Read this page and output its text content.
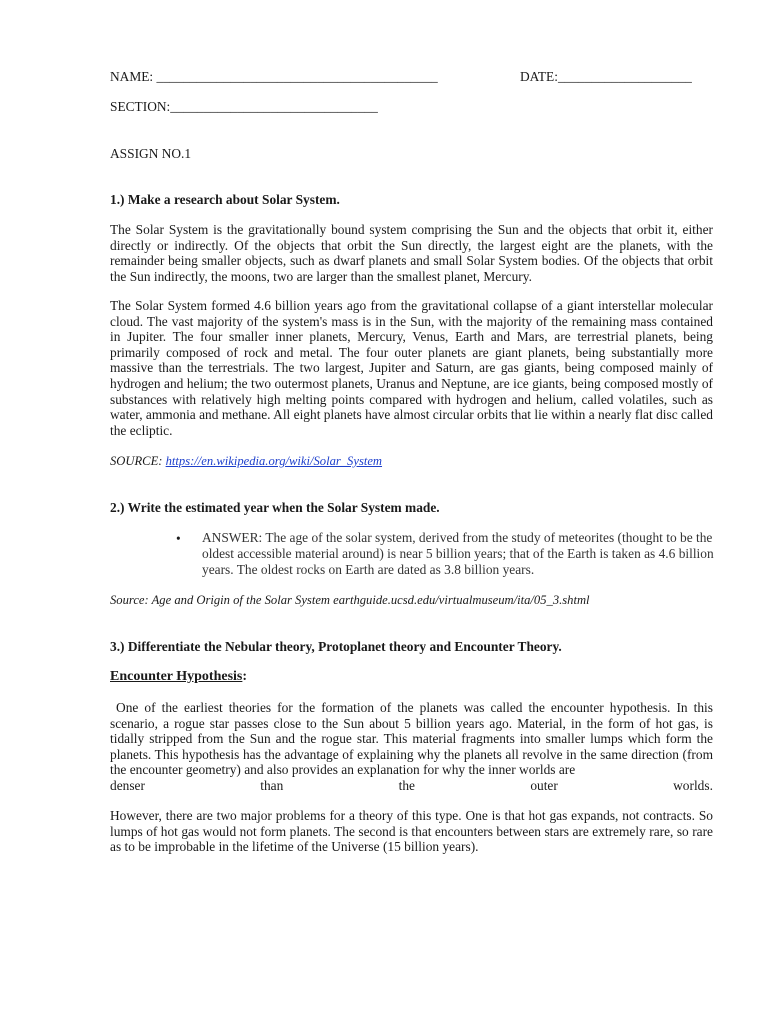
NAME: __________________________________________	DATE:____________________
SECTION:_______________________________
ASSIGN NO.1
1.) Make a research about Solar System.
The Solar System is the gravitationally bound system comprising the Sun and the objects that orbit it, either directly or indirectly. Of the objects that orbit the Sun directly, the largest eight are the planets, with the remainder being smaller objects, such as dwarf planets and small Solar System bodies. Of the objects that orbit the Sun indirectly, the moons, two are larger than the smallest planet, Mercury.
The Solar System formed 4.6 billion years ago from the gravitational collapse of a giant interstellar molecular cloud. The vast majority of the system's mass is in the Sun, with the majority of the remaining mass contained in Jupiter. The four smaller inner planets, Mercury, Venus, Earth and Mars, are terrestrial planets, being primarily composed of rock and metal. The four outer planets are giant planets, being substantially more massive than the terrestrials. The two largest, Jupiter and Saturn, are gas giants, being composed mainly of hydrogen and helium; the two outermost planets, Uranus and Neptune, are ice giants, being composed mostly of substances with relatively high melting points compared with hydrogen and helium, called volatiles, such as water, ammonia and methane. All eight planets have almost circular orbits that lie within a nearly flat disc called the ecliptic.
SOURCE: https://en.wikipedia.org/wiki/Solar_System
2.) Write the estimated year when the Solar System made.
• ANSWER: The age of the solar system, derived from the study of meteorites (thought to be the oldest accessible material around) is near 5 billion years; that of the Earth is taken as 4.6 billion years. The oldest rocks on Earth are dated as 3.8 billion years.
Source: Age and Origin of the Solar System earthguide.ucsd.edu/virtualmuseum/ita/05_3.shtml
3.) Differentiate the Nebular theory, Protoplanet theory and Encounter Theory.
Encounter Hypothesis:
One of the earliest theories for the formation of the planets was called the encounter hypothesis. In this scenario, a rogue star passes close to the Sun about 5 billion years ago. Material, in the form of hot gas, is tidally stripped from the Sun and the rogue star. This material fragments into smaller lumps which form the planets. This hypothesis has the advantage of explaining why the planets all revolve in the same direction (from the encounter geometry) and also provides an explanation for why the inner worlds are
denser	than	the	outer	worlds.
However, there are two major problems for a theory of this type. One is that hot gas expands, not contracts. So lumps of hot gas would not form planets. The second is that encounters between stars are extremely rare, so rare as to be improbable in the lifetime of the Universe (15 billion years).
